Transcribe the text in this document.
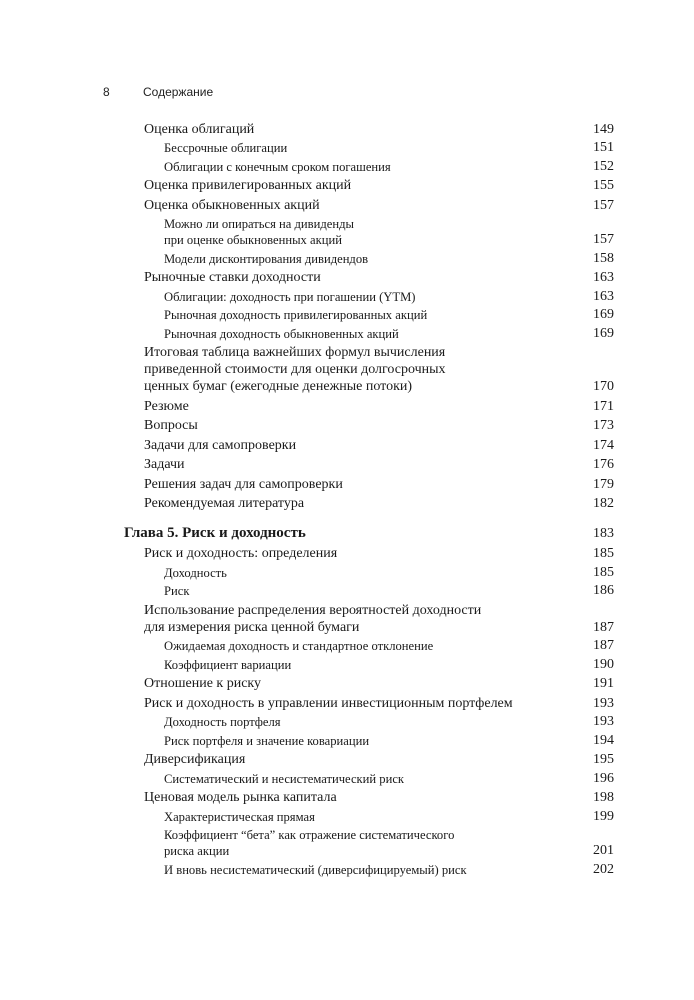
8	Содержание
Оценка облигаций	149
Бессрочные облигации	151
Облигации с конечным сроком погашения	152
Оценка привилегированных акций	155
Оценка обыкновенных акций	157
Можно ли опираться на дивиденды
при оценке обыкновенных акций	157
Модели дисконтирования дивидендов	158
Рыночные ставки доходности	163
Облигации: доходность при погашении (YTM)	163
Рыночная доходность привилегированных акций	169
Рыночная доходность обыкновенных акций	169
Итоговая таблица важнейших формул вычисления
приведенной стоимости для оценки долгосрочных
ценных бумаг (ежегодные денежные потоки)	170
Резюме	171
Вопросы	173
Задачи для самопроверки	174
Задачи	176
Решения задач для самопроверки	179
Рекомендуемая литература	182
Глава 5. Риск и доходность	183
Риск и доходность: определения	185
Доходность	185
Риск	186
Использование распределения вероятностей доходности
для измерения риска ценной бумаги	187
Ожидаемая доходность и стандартное отклонение	187
Коэффициент вариации	190
Отношение к риску	191
Риск и доходность в управлении инвестиционным портфелем	193
Доходность портфеля	193
Риск портфеля и значение ковариации	194
Диверсификация	195
Систематический и несистематический риск	196
Ценовая модель рынка капитала	198
Характеристическая прямая	199
Коэффициент “бета” как отражение систематического
риска акции	201
И вновь несистематический (диверсифицируемый) риск	202
